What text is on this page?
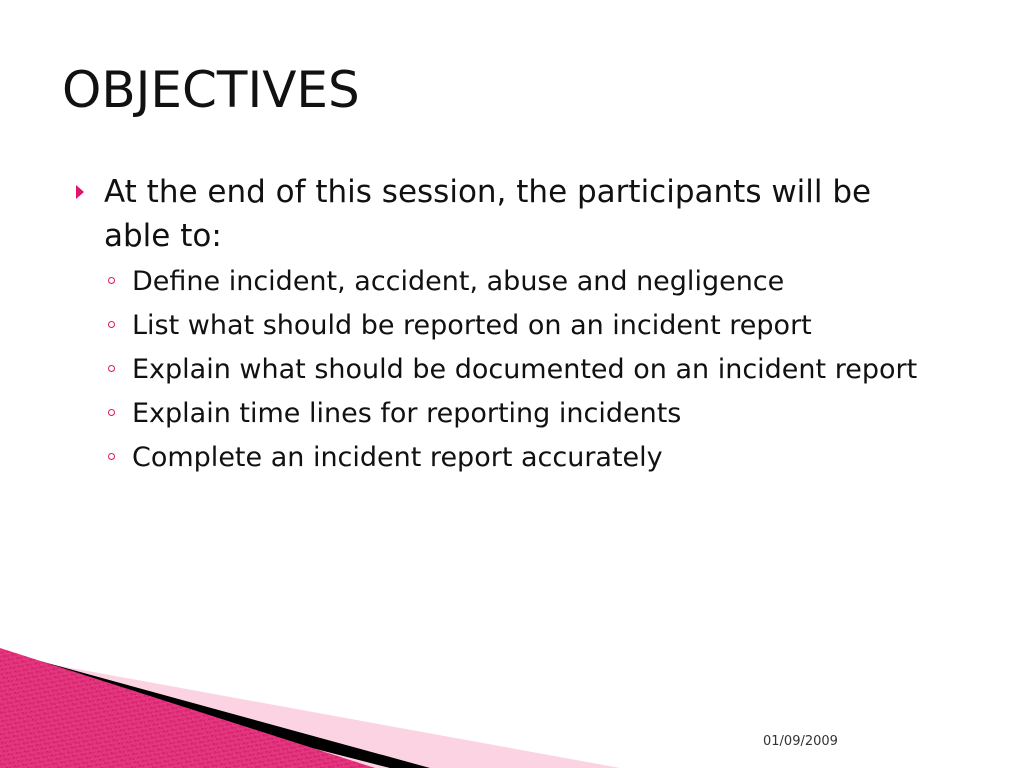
OBJECTIVES
At the end of this session, the participants will be able to:
Define incident, accident, abuse and negligence
List what should be reported on an incident report
Explain what should be documented on an incident report
Explain time lines for reporting incidents
Complete an incident report accurately
01/09/2009
